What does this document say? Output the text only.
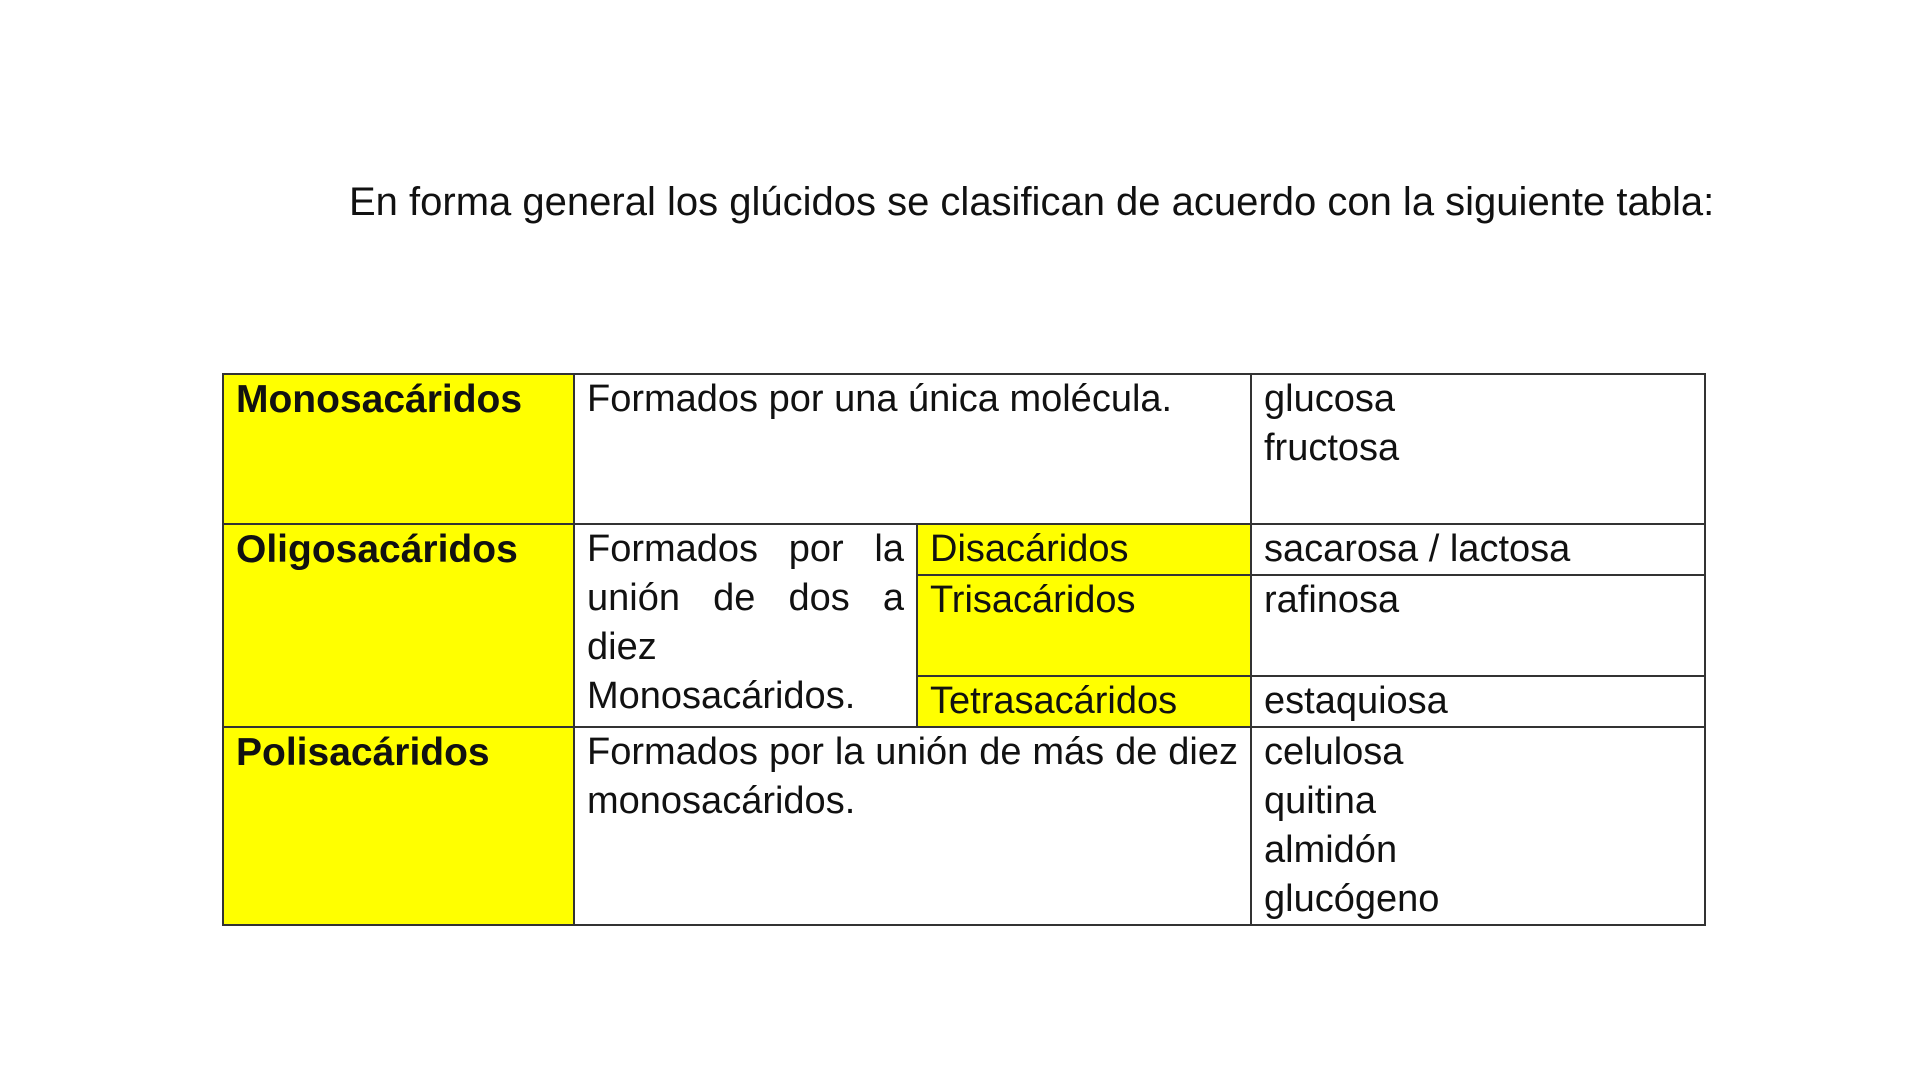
En forma general los glúcidos se clasifican de acuerdo con la siguiente tabla:

Monosacáridos	Formados por una única molécula.		glucosa
fructosa

Oligosacáridos	Formados por la unión de dos a diez Monosacáridos.	Disacáridos	sacarosa / lactosa
		Trisacáridos	rafinosa
		Tetrasacáridos	estaquiosa
Polisacáridos	Formados por la unión de más de diez monosacáridos.		celulosa
quitina
almidón
glucógeno
